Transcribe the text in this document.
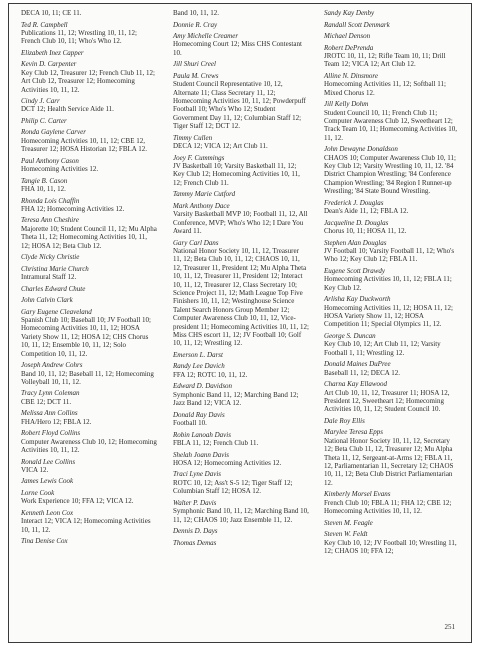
DECA 10, 11; CE 11.
Ted R. Campbell
Publications 11, 12; Wrestling 10, 11, 12; French Club 10, 11; Who's Who 12.
Elizabeth Inez Capper
Kevin D. Carpenter
Key Club 12, Treasurer 12; French Club 11, 12; Art Club 12, Treasurer 12; Homecoming Activities 10, 11, 12.
Cindy J. Carr
DCT 12; Health Service Aide 11.
Philip C. Carter
Ronda Gaylene Carver
Homecoming Activities 10, 11, 12; CBE 12, Treasurer 12; HOSA Historian 12; FBLA 12.
Paul Anthony Cason
Homecoming Activities 12.
Tangie B. Cason
FHA 10, 11, 12.
Rhonda Lois Chaffin
FHA 12; Homecoming Activities 12.
Teresa Ann Cheshire
Majorette 10; Student Council 11, 12; Mu Alpha Theta 11, 12; Homecoming Activities 10, 11, 12; HOSA 12; Beta Club 12.
Clyde Nicky Christie
Christina Marie Church
Intramural Staff 12.
Charles Edward Chute
John Calvin Clark
Gary Eugene Cleaveland
Spanish Club 10; Baseball 10; JV Football 10; Homecoming Activities 10, 11, 12; HOSA Variety Show 11, 12; HOSA 12; CHS Chorus 10, 11, 12; Ensemble 10, 11, 12; Solo Competition 10, 11, 12.
Joseph Andrew Cohrs
Band 10, 11, 12; Baseball 11, 12; Homecoming Volleyball 10, 11, 12.
Tracy Lynn Coleman
CBE 12; DCT 11.
Melissa Ann Collins
FHA/Hero 12; FBLA 12.
Robert Floyd Collins
Computer Awareness Club 10, 12; Homecoming Activities 10, 11, 12.
Ronald Lee Collins
VICA 12.
James Lewis Cook
Lorne Cook
Work Experience 10; FFA 12; VICA 12.
Kenneth Leon Cox
Interact 12; VICA 12; Homecoming Activities 10, 11, 12.
Tina Denise Cox
Band 10, 11, 12.
Donnie R. Cray
Amy Michelle Creamer
Homecoming Court 12; Miss CHS Contestant 10.
Jill Shuri Creel
Paula M. Crews
Student Council Representative 10, 12, Alternate 11; Class Secretary 11, 12; Homecoming Activities 10, 11, 12; Powderpuff Football 10; Who's Who 12; Student Government Day 11, 12; Columbian Staff 12; Tiger Staff 12; DCT 12.
Timmy Cullen
DECA 12; VICA 12; Art Club 11.
Joey F. Cummings
JV Basketball 10; Varsity Basketball 11, 12; Key Club 12; Homecoming Activities 10, 11, 12; French Club 11.
Tammy Marie Cutford
Mark Anthony Dace
Varsity Basketball MVP 10; Football 11, 12, All Conference, MVP; Who's Who 12; I Dare You Award 11.
Gary Carl Dans
National Honor Society 10, 11, 12, Treasurer 11, 12; Beta Club 10, 11, 12; CHAOS 10, 11, 12, Treasurer 11, President 12; Mu Alpha Theta 10, 11, 12, Treasurer 11, President 12; Interact 10, 11, 12, Treasurer 12, Class Secretary 10; Science Project 11, 12; Math League Top Five Finishers 10, 11, 12; Westinghouse Science Talent Search Honors Group Member 12; Computer Awareness Club 10, 11, 12, Vice-president 11; Homecoming Activities 10, 11, 12; Miss CHS escort 11, 12; JV Football 10; Golf 10, 11, 12; Wrestling 12.
Emerson L. Darst
Randy Lee Davich
FFA 12; ROTC 10, 11, 12.
Edward D. Davidson
Symphonic Band 11, 12; Marching Band 12; Jazz Band 12; VICA 12.
Donald Ray Davis
Football 10.
Robin Lanoah Davis
FBLA 11, 12; French Club 11.
Shelah Joann Davis
HOSA 12; Homecoming Activities 12.
Traci Lyne Davis
ROTC 10, 12; Ass't S-5 12; Tiger Staff 12; Columbian Staff 12; HOSA 12.
Walter P. Davis
Symphonic Band 10, 11, 12; Marching Band 10, 11, 12; CHAOS 10; Jazz Ensemble 11, 12.
Dennis D. Days
Thomas Demas
Sandy Kay Denby
Randall Scott Denmark
Michael Denson
Robert DePrenda
JROTC 10, 11, 12; Rifle Team 10, 11; Drill Team 12; VICA 12; Art Club 12.
Alline N. Dinsmore
Homecoming Activities 11, 12; Softball 11; Mixed Chorus 12.
Jill Kelly Dohm
Student Council 10, 11; French Club 11; Computer Awareness Club 12, Sweetheart 12; Track Team 10, 11; Homecoming Activities 10, 11, 12.
John Dewayne Donaldson
CHAOS 10; Computer Awareness Club 10, 11; Key Club 12; Varsity Wrestling 10, 11, 12. '84 District Champion Wrestling; '84 Conference Champion Wrestling; '84 Region I Runner-up Wrestling; '84 State Bound Wrestling.
Frederick J. Douglas
Dean's Aide 11, 12; FBLA 12.
Jacqueline D. Douglas
Chorus 10, 11; HOSA 11, 12.
Stephen Alan Douglas
JV Football 10; Varsity Football 11, 12; Who's Who 12; Key Club 12; FBLA 11.
Eugene Scott Drawdy
Homecoming Activities 10, 11, 12; FBLA 11; Key Club 12.
Arlisha Kay Duckworth
Homecoming Activities 11, 12; HOSA 11, 12; HOSA Variety Show 11, 12; HOSA Competition 11; Special Olympics 11, 12.
George S. Duncan
Key Club 10, 12; Art Club 11, 12; Varsity Football 1, 11; Wrestling 12.
Donald Maines DuPree
Baseball 11, 12; DECA 12.
Charna Kay Ellawood
Art Club 10, 11, 12, Treasurer 11; HOSA 12, President 12, Sweetheart 12; Homecoming Activities 10, 11, 12; Student Council 10.
Dale Roy Ellis
Marylee Teresa Epps
National Honor Society 10, 11, 12, Secretary 12; Beta Club 11, 12, Treasurer 12; Mu Alpha Theta 11, 12, Sergeant-at-Arms 12; FBLA 11, 12, Parliamentarian 11, Secretary 12; CHAOS 10, 11, 12; Beta Club District Parliamentarian 12.
Kimberly Morsel Evans
French Club 10; FBLA 11; FHA 12; CBE 12; Homecoming Activities 10, 11, 12.
Steven M. Feagle
Steven W. Feldt
Key Club 10, 12; JV Football 10; Wrestling 11, 12; CHAOS 10; FFA 12;
251
